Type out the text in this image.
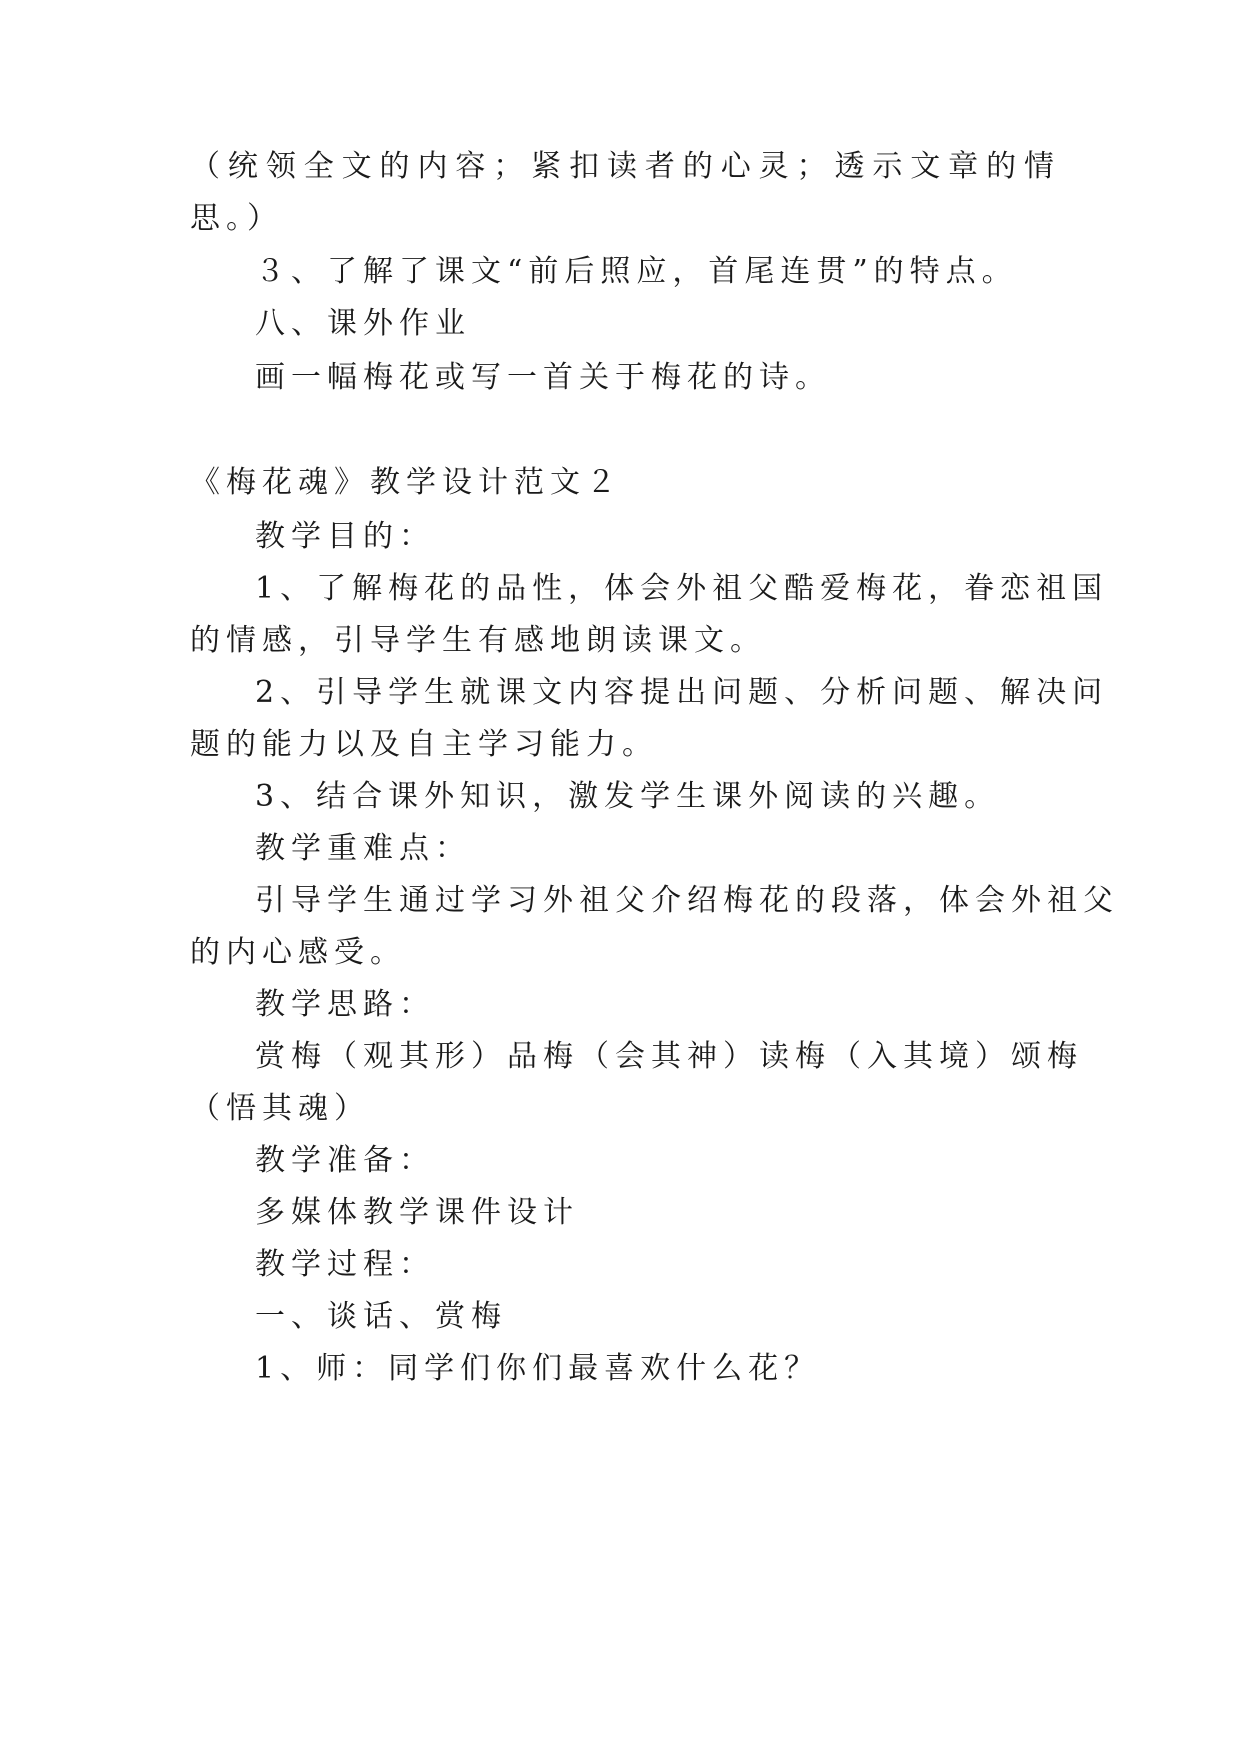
（统领全文的内容；紧扣读者的心灵；透示文章的情
思。）
３、了解了课文“前后照应，首尾连贯”的特点。
八、课外作业
画一幅梅花或写一首关于梅花的诗。
《梅花魂》教学设计范文２
教学目的：
1、了解梅花的品性，体会外祖父酷爱梅花，眷恋祖国
的情感，引导学生有感地朗读课文。
2、引导学生就课文内容提出问题、分析问题、解决问
题的能力以及自主学习能力。
3、结合课外知识，激发学生课外阅读的兴趣。
教学重难点：
引导学生通过学习外祖父介绍梅花的段落，体会外祖父
的内心感受。
教学思路：
赏梅（观其形）品梅（会其神）读梅（入其境）颂梅
（悟其魂）
教学准备：
多媒体教学课件设计
教学过程：
一、谈话、赏梅
1、师：同学们你们最喜欢什么花？
